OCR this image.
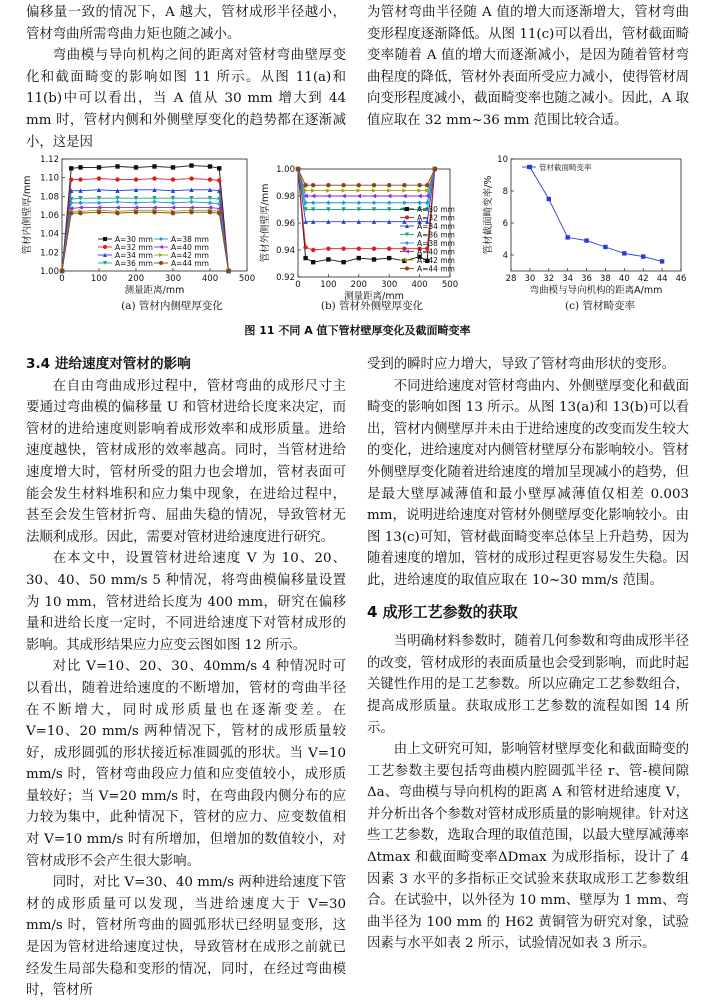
偏移量一致的情况下，A 越大，管材成形半径越小，管材弯曲所需弯曲力矩也随之减小。

弯曲模与导向机构之间的距离对管材弯曲壁厚变化和截面畸变的影响如图 11 所示。从图 11(a)和 11(b)中可以看出，当 A 值从 30 mm 增大到 44 mm 时，管材内侧和外侧壁厚变化的趋势都在逐渐减小，这是因

为管材弯曲半径随 A 值的增大而逐渐增大，管材弯曲变形程度逐渐降低。从图 11(c)可以看出，管材截面畸变率随着 A 值的增大而逐渐减小，是因为随着管材弯曲程度的降低，管材外表面所受应力减小，使得管材周向变形程度减小，截面畸变率也随之减小。因此，A 取值应取在 32 mm~36 mm 范围比较合适。

0	100 200 300 400 500
1.00
1.02
1.04
1.06
1.08
1.10
1.12
测量距离/mm
管材内侧壁厚/mm	A=30 mm
A=32 mm
A=34 mm
A=36 mm
A=38 mm
A=40 mm
A=42 mm
A=44 mm
0 100 200 300 400 500
0.92
0.94
0.96
0.98
1.00
测量距离/mm
管材外侧壁厚/mm	A=30 mm
A=32 mm
A=34 mm
A=36 mm
A=38 mm
A=40 mm
A=42 mm
A=44 mm
28 30 32 34 36 38 40 42 44 46
4
6
8
10
弯曲模与导向机构的距离A/mm
管材截面畸变率/%
管材截面畸变率
(a) 管材内侧壁厚变化	(b) 管材外侧壁厚变化	(c) 管材畸变率
图 11 不同 A 值下管材壁厚变化及截面畸变率

3.4 进给速度对管材的影响

在自由弯曲成形过程中，管材弯曲的成形尺寸主要通过弯曲模的偏移量 U 和管材进给长度来决定，而管材的进给速度则影响着成形效率和成形质量。进给速度越快，管材成形的效率越高。同时，当管材进给速度增大时，管材所受的阻力也会增加，管材表面可能会发生材料堆积和应力集中现象，在进给过程中，甚至会发生管材折弯、屈曲失稳的情况，导致管材无法顺利成形。因此，需要对管材进给速度进行研究。

在本文中，设置管材进给速度 V 为 10、20、30、40、50 mm/s 5 种情况，将弯曲模偏移量设置为 10 mm，管材进给长度为 400 mm，研究在偏移量和进给长度一定时，不同进给速度下对管材成形的影响。其成形结果应力应变云图如图 12 所示。

对比 V=10、20、30、40mm/s 4 种情况时可以看出，随着进给速度的不断增加，管材的弯曲半径在不断增大，同时成形质量也在逐渐变差。在 V=10、20 mm/s 两种情况下，管材的成形质量较好，成形圆弧的形状接近标准圆弧的形状。当 V=10 mm/s 时，管材弯曲段应力值和应变值较小，成形质量较好；当 V=20 mm/s 时，在弯曲段内侧分布的应力较为集中，此种情况下，管材的应力、应变数值相对 V=10 mm/s 时有所增加，但增加的数值较小，对管材成形不会产生很大影响。

同时，对比 V=30、40 mm/s 两种进给速度下管材的成形质量可以发现，当进给速度大于 V=30 mm/s 时，管材所弯曲的圆弧形状已经明显变形，这是因为管材进给速度过快，导致管材在成形之前就已经发生局部失稳和变形的情况，同时，在经过弯曲模时，管材所

受到的瞬时应力增大，导致了管材弯曲形状的变形。

不同进给速度对管材弯曲内、外侧壁厚变化和截面畸变的影响如图 13 所示。从图 13(a)和 13(b)可以看出，管材内侧壁厚并未由于进给速度的改变而发生较大的变化，进给速度对内侧管材壁厚分布影响较小。管材外侧壁厚变化随着进给速度的增加呈现减小的趋势，但是最大壁厚减薄值和最小壁厚减薄值仅相差 0.003 mm，说明进给速度对管材外侧壁厚变化影响较小。由图 13(c)可知，管材截面畸变率总体呈上升趋势，因为随着速度的增加，管材的成形过程更容易发生失稳。因此，进给速度的取值应取在 10~30 mm/s 范围。

4 成形工艺参数的获取

当明确材料参数时，随着几何参数和弯曲成形半径的改变，管材成形的表面质量也会受到影响，而此时起关键性作用的是工艺参数。所以应确定工艺参数组合，提高成形质量。获取成形工艺参数的流程如图 14 所示。

由上文研究可知，影响管材壁厚变化和截面畸变的工艺参数主要包括弯曲模内腔圆弧半径 r、管-模间隙Δa、弯曲模与导向机构的距离 A 和管材进给速度 V，并分析出各个参数对管材成形质量的影响规律。针对这些工艺参数，选取合理的取值范围，以最大壁厚减薄率Δtmax 和截面畸变率ΔDmax 为成形指标，设计了 4 因素 3 水平的多指标正交试验来获取成形工艺参数组合。在试验中，以外径为 10 mm、壁厚为 1 mm、弯曲半径为 100 mm 的 H62 黄铜管为研究对象，试验因素与水平如表 2 所示，试验情况如表 3 所示。
